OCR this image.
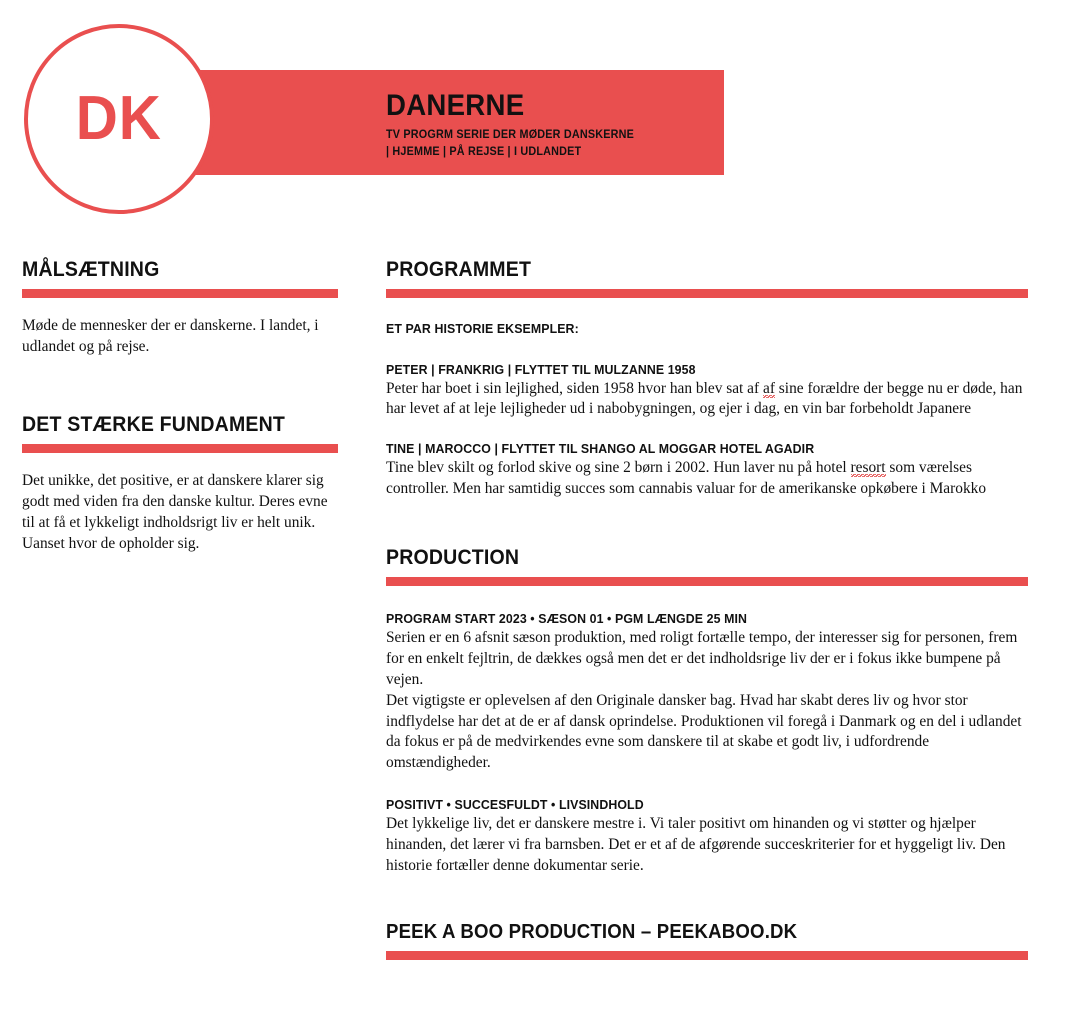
DK	DANERNE
TV PROGRM SERIE DER MØDER DANSKERNE
| HJEMME | PÅ REJSE | I UDLANDET
MÅLSÆTNING
Møde de mennesker der er danskerne. I landet, i udlandet og på rejse.
DET STÆRKE FUNDAMENT
Det unikke, det positive, er at danskere klarer sig godt med viden fra den danske kultur. Deres evne til at få et lykkeligt indholdsrigt liv er helt unik. Uanset hvor de opholder sig.
PROGRAMMET
ET PAR HISTORIE EKSEMPLER:
PETER | FRANKRIG | FLYTTET TIL MULZANNE 1958
Peter har boet i sin lejlighed, siden 1958 hvor han blev sat af af sine forældre der begge nu er døde, han har levet af at leje lejligheder ud i nabobygningen, og ejer i dag, en vin bar forbeholdt Japanere
TINE | MAROCCO | FLYTTET TIL SHANGO AL MOGGAR HOTEL AGADIR
Tine blev skilt og forlod skive og sine 2 børn i 2002. Hun laver nu på hotel resort som værelses controller. Men har samtidig succes som cannabis valuar for de amerikanske opkøbere i Marokko
PRODUCTION
PROGRAM START 2023 • SÆSON 01 • PGM LÆNGDE 25 MIN
Serien er en 6 afsnit sæson produktion, med roligt fortælle tempo, der interesser sig for personen, frem for en enkelt fejltrin, de dækkes også men det er det indholdsrige liv der er i fokus ikke bumpene på vejen.
Det vigtigste er oplevelsen af den Originale dansker bag. Hvad har skabt deres liv og hvor stor indflydelse har det at de er af dansk oprindelse. Produktionen vil foregå i Danmark og en del i udlandet da fokus er på de medvirkendes evne som danskere til at skabe et godt liv, i udfordrende omstændigheder.
POSITIVT • SUCCESFULDT • LIVSINDHOLD
Det lykkelige liv, det er danskere mestre i. Vi taler positivt om hinanden og vi støtter og hjælper hinanden, det lærer vi fra barnsben. Det er et af de afgørende succeskriterier for et hyggeligt liv. Den historie fortæller denne dokumentar serie.
PEEK A BOO PRODUCTION – PEEKABOO.DK
